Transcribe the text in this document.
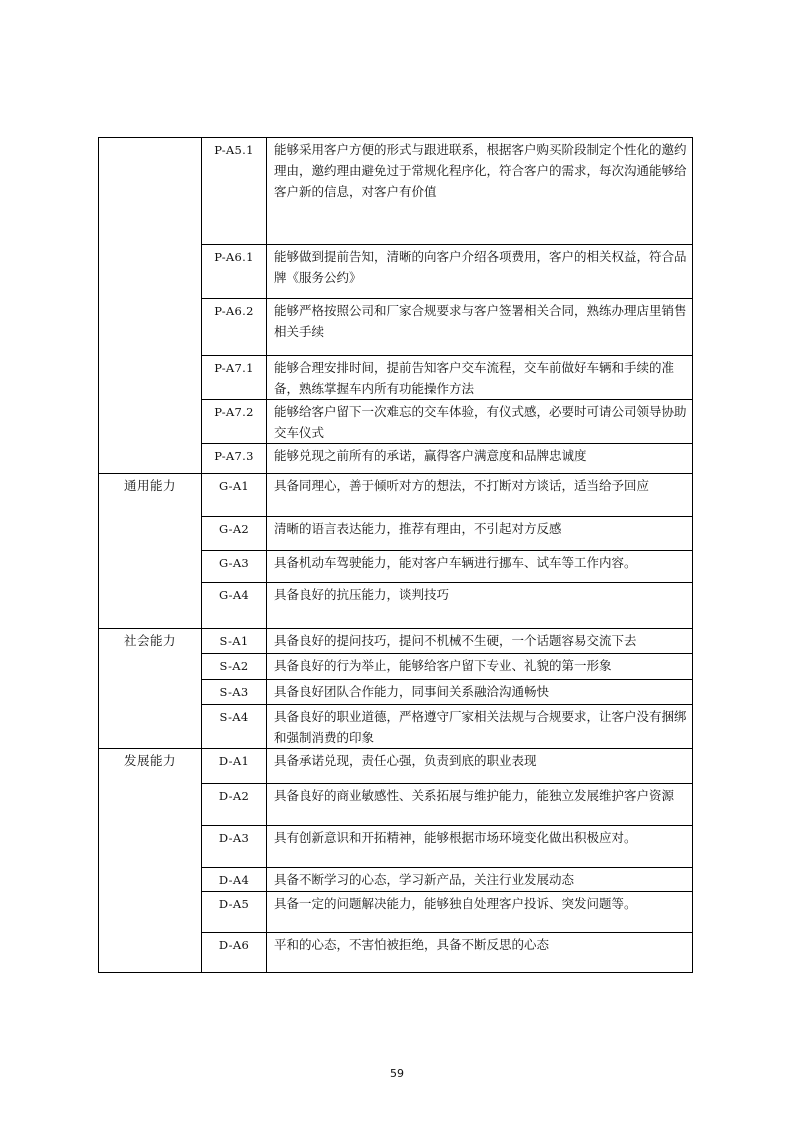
	P-A5.1	能够采用客户方便的形式与跟进联系，根据客户购买阶段制定个性化的邀约理由，邀约理由避免过于常规化程序化，符合客户的需求，每次沟通能够给客户新的信息，对客户有价值
	P-A6.1	能够做到提前告知，清晰的向客户介绍各项费用，客户的相关权益，符合品牌《服务公约》
	P-A6.2	能够严格按照公司和厂家合规要求与客户签署相关合同，熟练办理店里销售相关手续
	P-A7.1	能够合理安排时间，提前告知客户交车流程，交车前做好车辆和手续的准备，熟练掌握车内所有功能操作方法
	P-A7.2	能够给客户留下一次难忘的交车体验，有仪式感，必要时可请公司领导协助交车仪式
	P-A7.3	能够兑现之前所有的承诺，赢得客户满意度和品牌忠诚度
通用能力	G-A1	具备同理心，善于倾听对方的想法，不打断对方谈话，适当给予回应
	G-A2	清晰的语言表达能力，推荐有理由，不引起对方反感
	G-A3	具备机动车驾驶能力，能对客户车辆进行挪车、试车等工作内容。
	G-A4	具备良好的抗压能力，谈判技巧
社会能力	S-A1	具备良好的提问技巧，提问不机械不生硬，一个话题容易交流下去
	S-A2	具备良好的行为举止，能够给客户留下专业、礼貌的第一形象
	S-A3	具备良好团队合作能力，同事间关系融洽沟通畅快
	S-A4	具备良好的职业道德，严格遵守厂家相关法规与合规要求，让客户没有捆绑和强制消费的印象
发展能力	D-A1	具备承诺兑现，责任心强，负责到底的职业表现
	D-A2	具备良好的商业敏感性、关系拓展与维护能力，能独立发展维护客户资源
	D-A3	具有创新意识和开拓精神，能够根据市场环境变化做出积极应对。
	D-A4	具备不断学习的心态，学习新产品，关注行业发展动态
	D-A5	具备一定的问题解决能力，能够独自处理客户投诉、突发问题等。
	D-A6	平和的心态，不害怕被拒绝，具备不断反思的心态
59
